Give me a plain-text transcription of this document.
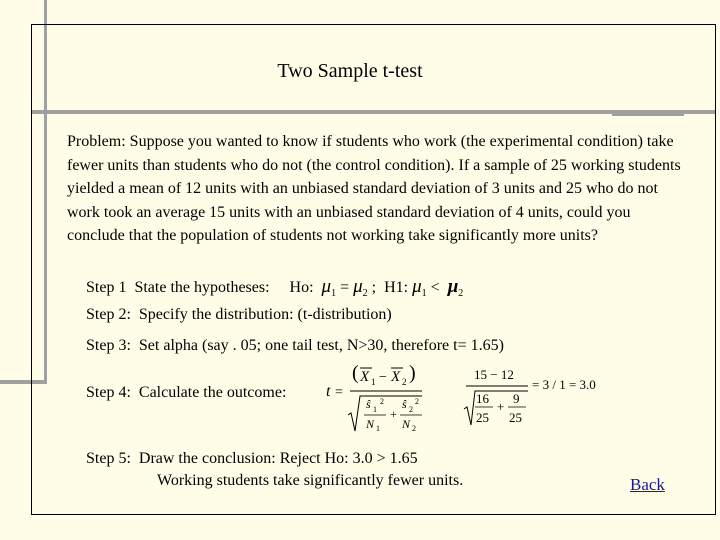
Two Sample t-test
Problem: Suppose you wanted to know if students who work (the experimental condition) take fewer units than students who do not (the control condition). If a sample of 25 working students yielded a mean of 12 units with an unbiased standard deviation of 3 units and 25 who do not work took an average 15 units with an unbiased standard deviation of 4 units, could you conclude that the population of students not working take significantly more units?
Step 1 State the hypotheses: Ho: $\mu_1 = \mu_2$ ; H1: $\mu_1 < \mu_2$
Step 2: Specify the distribution: (t-distribution)
Step 3: Set alpha (say . 05; one tail test, N>30, therefore t= 1.65)
Step 4: Calculate the outcome: t =
( X 1 − X 2 )
ŝ 1
2
N 1
+
ŝ 2
2
N 2
15 − 12
16
25
+
9
25
= 3 / 1 = 3.0
Step 5: Draw the conclusion: Reject Ho: 3.0 > 1.65
Working students take significantly fewer units.	Back
